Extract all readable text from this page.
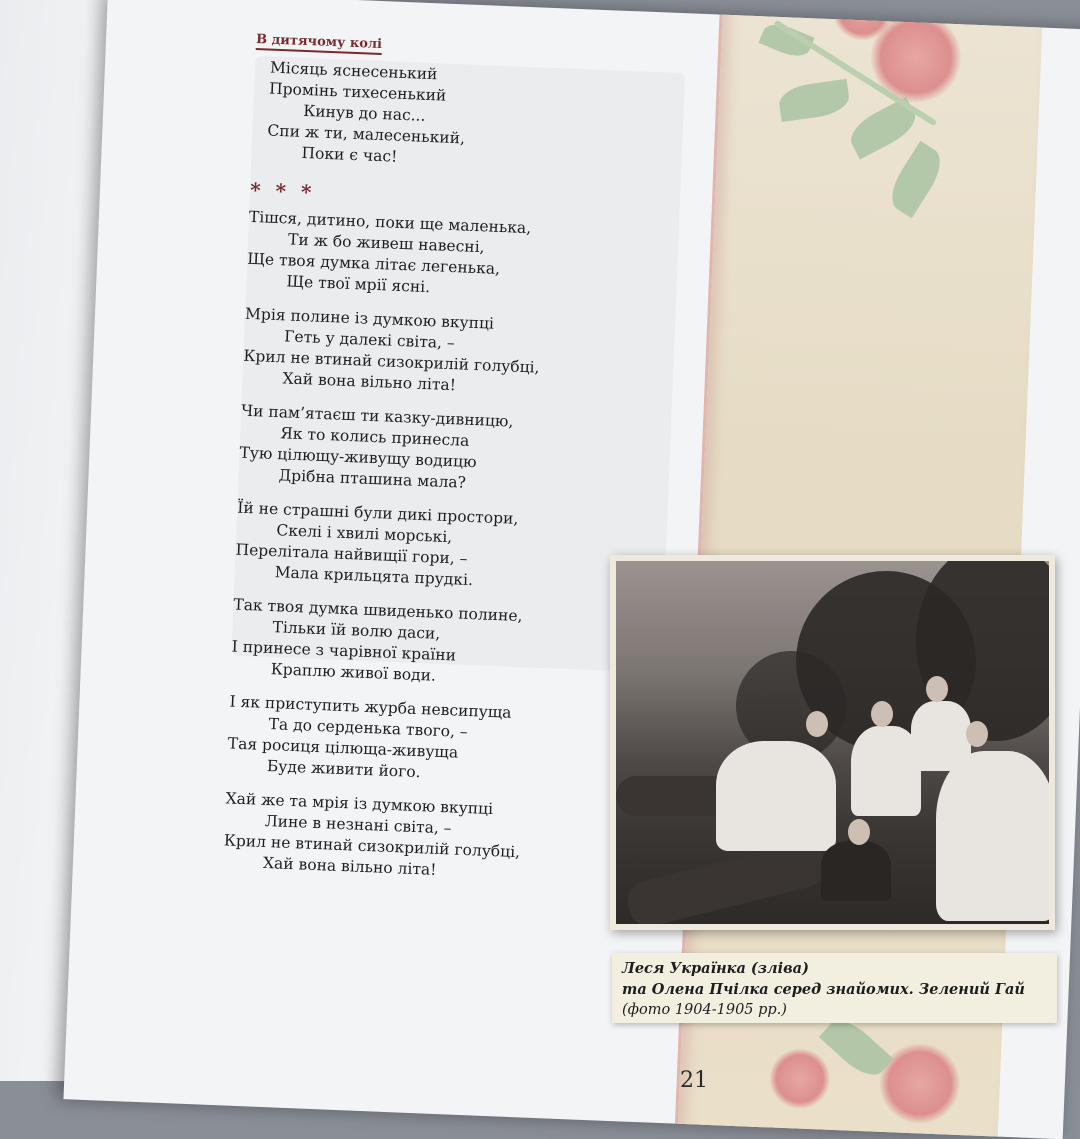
В дитячому колі
Місяць яснесенький
Промінь тихесенький
Кинув до нас...
Спи ж ти, малесенький,
Поки є час!
* * *
Тішся, дитино, поки ще маленька,
Ти ж бо живеш навесні,
Ще твоя думка літає легенька,
Ще твої мрії ясні.
Мрія полине із думкою вкупці
Геть у далекі світа, –
Крил не втинай сизокрилій голубці,
Хай вона вільно літа!
Чи пам’ятаєш ти казку-дивницю,
Як то колись принесла
Тую цілющу-живущу водицю
Дрібна пташина мала?
Їй не страшні були дикі простори,
Скелі і хвилі морські,
Перелітала найвищії гори, –
Мала крильцята прудкі.
Так твоя думка швиденько полине,
Тільки їй волю даси,
І принесе з чарівної країни
Краплю живої води.
І як приступить журба невсипуща
Та до серденька твого, –
Тая росиця цілюща-живуща
Буде живити його.
Хай же та мрія із думкою вкупці
Лине в незнані світа, –
Крил не втинай сизокрилій голубці,
Хай вона вільно літа!
Леся Українка (зліва)
та Олена Пчілка серед знайомих. Зелений Гай
(фото 1904-1905 рр.)
21
